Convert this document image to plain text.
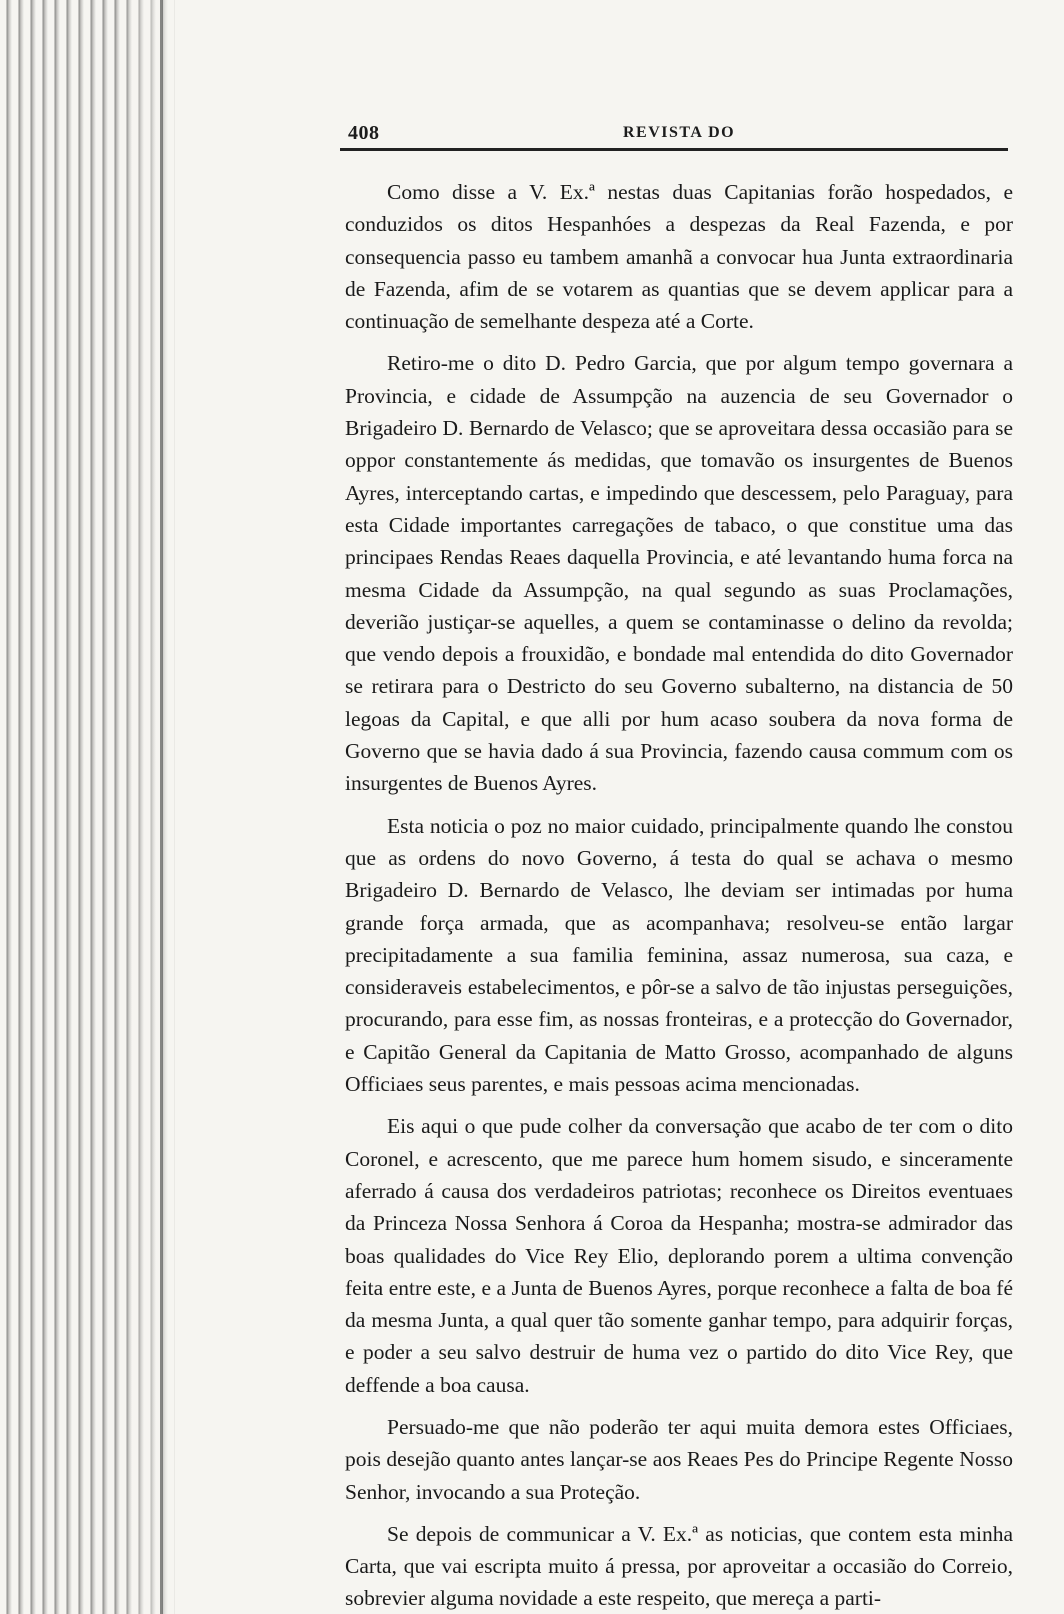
408	REVISTA DO

Como disse a V. Ex.ª nestas duas Capitanias forão hospedados, e conduzidos os ditos Hespanhóes a despezas da Real Fazenda, e por consequencia passo eu tambem amanhã a convocar hua Junta extraordinaria de Fazenda, afim de se votarem as quantias que se devem applicar para a continuação de semelhante despeza até a Corte.

Retiro-me o dito D. Pedro Garcia, que por algum tempo governara a Provincia, e cidade de Assumpção na auzencia de seu Governador o Brigadeiro D. Bernardo de Velasco; que se aproveitara dessa occasião para se oppor constantemente ás medidas, que tomavão os insurgentes de Buenos Ayres, interceptando cartas, e impedindo que descessem, pelo Paraguay, para esta Cidade importantes carregações de tabaco, o que constitue uma das principaes Rendas Reaes daquella Provincia, e até levantando huma forca na mesma Cidade da Assumpção, na qual segundo as suas Proclamações, deverião justiçar-se aquelles, a quem se contaminasse o delino da revolda; que vendo depois a frouxidão, e bondade mal entendida do dito Governador se retirara para o Destricto do seu Governo subalterno, na distancia de 50 legoas da Capital, e que alli por hum acaso soubera da nova forma de Governo que se havia dado á sua Provincia, fazendo causa commum com os insurgentes de Buenos Ayres.

Esta noticia o poz no maior cuidado, principalmente quando lhe constou que as ordens do novo Governo, á testa do qual se achava o mesmo Brigadeiro D. Bernardo de Velasco, lhe deviam ser intimadas por huma grande força armada, que as acompanhava; resolveu-se então largar precipitadamente a sua familia feminina, assaz numerosa, sua caza, e consideraveis estabelecimentos, e pôr-se a salvo de tão injustas perseguições, procurando, para esse fim, as nossas fronteiras, e a protecção do Governador, e Capitão General da Capitania de Matto Grosso, acompanhado de alguns Officiaes seus parentes, e mais pessoas acima mencionadas.

Eis aqui o que pude colher da conversação que acabo de ter com o dito Coronel, e acrescento, que me parece hum homem sisudo, e sinceramente aferrado á causa dos verdadeiros patriotas; reconhece os Direitos eventuaes da Princeza Nossa Senhora á Coroa da Hespanha; mostra-se admirador das boas qualidades do Vice Rey Elio, deplorando porem a ultima convenção feita entre este, e a Junta de Buenos Ayres, porque reconhece a falta de boa fé da mesma Junta, a qual quer tão somente ganhar tempo, para adquirir forças, e poder a seu salvo destruir de huma vez o partido do dito Vice Rey, que deffende a boa causa.

Persuado-me que não poderão ter aqui muita demora estes Officiaes, pois desejão quanto antes lançar-se aos Reaes Pes do Principe Regente Nosso Senhor, invocando a sua Proteção.

Se depois de communicar a V. Ex.ª as noticias, que contem esta minha Carta, que vai escripta muito á pressa, por aproveitar a occasião do Correio, sobrevier alguma novidade a este respeito, que mereça a parti-
